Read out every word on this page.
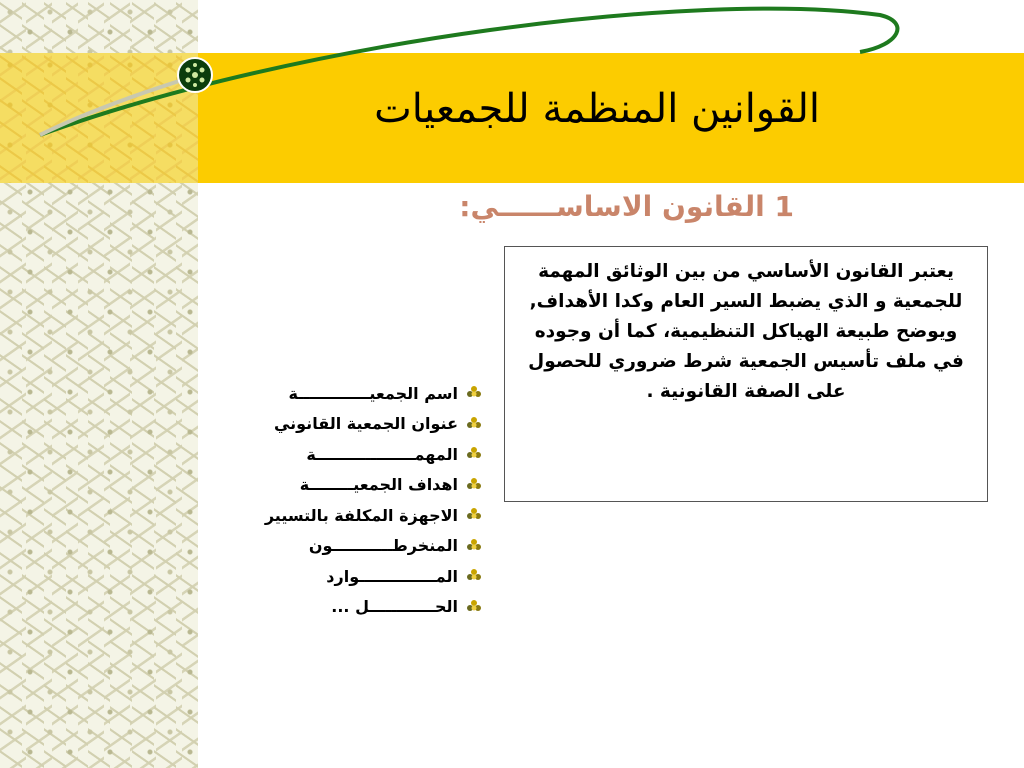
القوانين المنظمة للجمعيات
1 القانون الاساســــــي:
يعتبر القانون الأساسي من بين الوثائق المهمة للجمعية و الذي يضبط السير العام وكدا الأهداف, ويوضح طبيعة الهياكل التنظيمية، كما أن وجوده في ملف تأسيس الجمعية شرط ضروري للحصول على الصفة القانونية .
اسم الجمعيـــــــــــــة
عنوان الجمعية القانوني
المهمــــــــــــــــــة
اهداف الجمعيــــــــة
الاجهزة المكلفة بالتسيير
المنخرطـــــــــــون
المــــــــــــــوارد
الحــــــــــــل ...
